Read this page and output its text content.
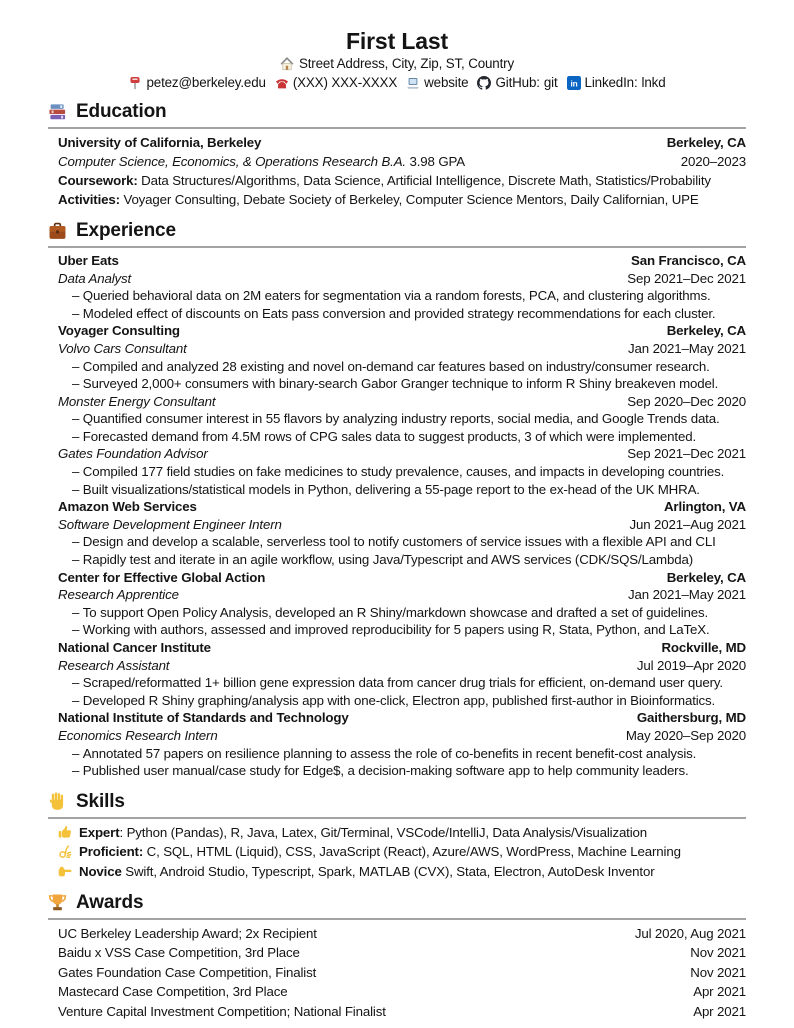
First Last
Street Address, City, Zip, ST, Country
petez@berkeley.edu (XXX) XXX-XXXX website GitHub: git in LinkedIn: lnkd
Education
University of California, Berkeley	Berkeley, CA
Computer Science, Economics, & Operations Research B.A. 3.98 GPA	2020–2023
Coursework: Data Structures/Algorithms, Data Science, Artificial Intelligence, Discrete Math, Statistics/Probability
Activities: Voyager Consulting, Debate Society of Berkeley, Computer Science Mentors, Daily Californian, UPE
Experience
Uber Eats	San Francisco, CA
Data Analyst	Sep 2021–Dec 2021
– Queried behavioral data on 2M eaters for segmentation via a random forests, PCA, and clustering algorithms.
– Modeled effect of discounts on Eats pass conversion and provided strategy recommendations for each cluster.
Voyager Consulting	Berkeley, CA
Volvo Cars Consultant	Jan 2021–May 2021
– Compiled and analyzed 28 existing and novel on-demand car features based on industry/consumer research.
– Surveyed 2,000+ consumers with binary-search Gabor Granger technique to inform R Shiny breakeven model.
Monster Energy Consultant	Sep 2020–Dec 2020
– Quantified consumer interest in 55 flavors by analyzing industry reports, social media, and Google Trends data.
– Forecasted demand from 4.5M rows of CPG sales data to suggest products, 3 of which were implemented.
Gates Foundation Advisor	Sep 2021–Dec 2021
– Compiled 177 field studies on fake medicines to study prevalence, causes, and impacts in developing countries.
– Built visualizations/statistical models in Python, delivering a 55-page report to the ex-head of the UK MHRA.
Amazon Web Services	Arlington, VA
Software Development Engineer Intern	Jun 2021–Aug 2021
– Design and develop a scalable, serverless tool to notify customers of service issues with a flexible API and CLI
– Rapidly test and iterate in an agile workflow, using Java/Typescript and AWS services (CDK/SQS/Lambda)
Center for Effective Global Action	Berkeley, CA
Research Apprentice	Jan 2021–May 2021
– To support Open Policy Analysis, developed an R Shiny/markdown showcase and drafted a set of guidelines.
– Working with authors, assessed and improved reproducibility for 5 papers using R, Stata, Python, and LaTeX.
National Cancer Institute	Rockville, MD
Research Assistant	Jul 2019–Apr 2020
– Scraped/reformatted 1+ billion gene expression data from cancer drug trials for efficient, on-demand user query.
– Developed R Shiny graphing/analysis app with one-click, Electron app, published first-author in Bioinformatics.
National Institute of Standards and Technology	Gaithersburg, MD
Economics Research Intern	May 2020–Sep 2020
– Annotated 57 papers on resilience planning to assess the role of co-benefits in recent benefit-cost analysis.
– Published user manual/case study for Edge$, a decision-making software app to help community leaders.
Skills
Expert: Python (Pandas), R, Java, Latex, Git/Terminal, VSCode/IntelliJ, Data Analysis/Visualization
Proficient: C, SQL, HTML (Liquid), CSS, JavaScript (React), Azure/AWS, WordPress, Machine Learning
Novice Swift, Android Studio, Typescript, Spark, MATLAB (CVX), Stata, Electron, AutoDesk Inventor
Awards
UC Berkeley Leadership Award; 2x Recipient	Jul 2020, Aug 2021
Baidu x VSS Case Competition, 3rd Place	Nov 2021
Gates Foundation Case Competition, Finalist	Nov 2021
Mastecard Case Competition, 3rd Place	Apr 2021
Venture Capital Investment Competition; National Finalist	Apr 2021
